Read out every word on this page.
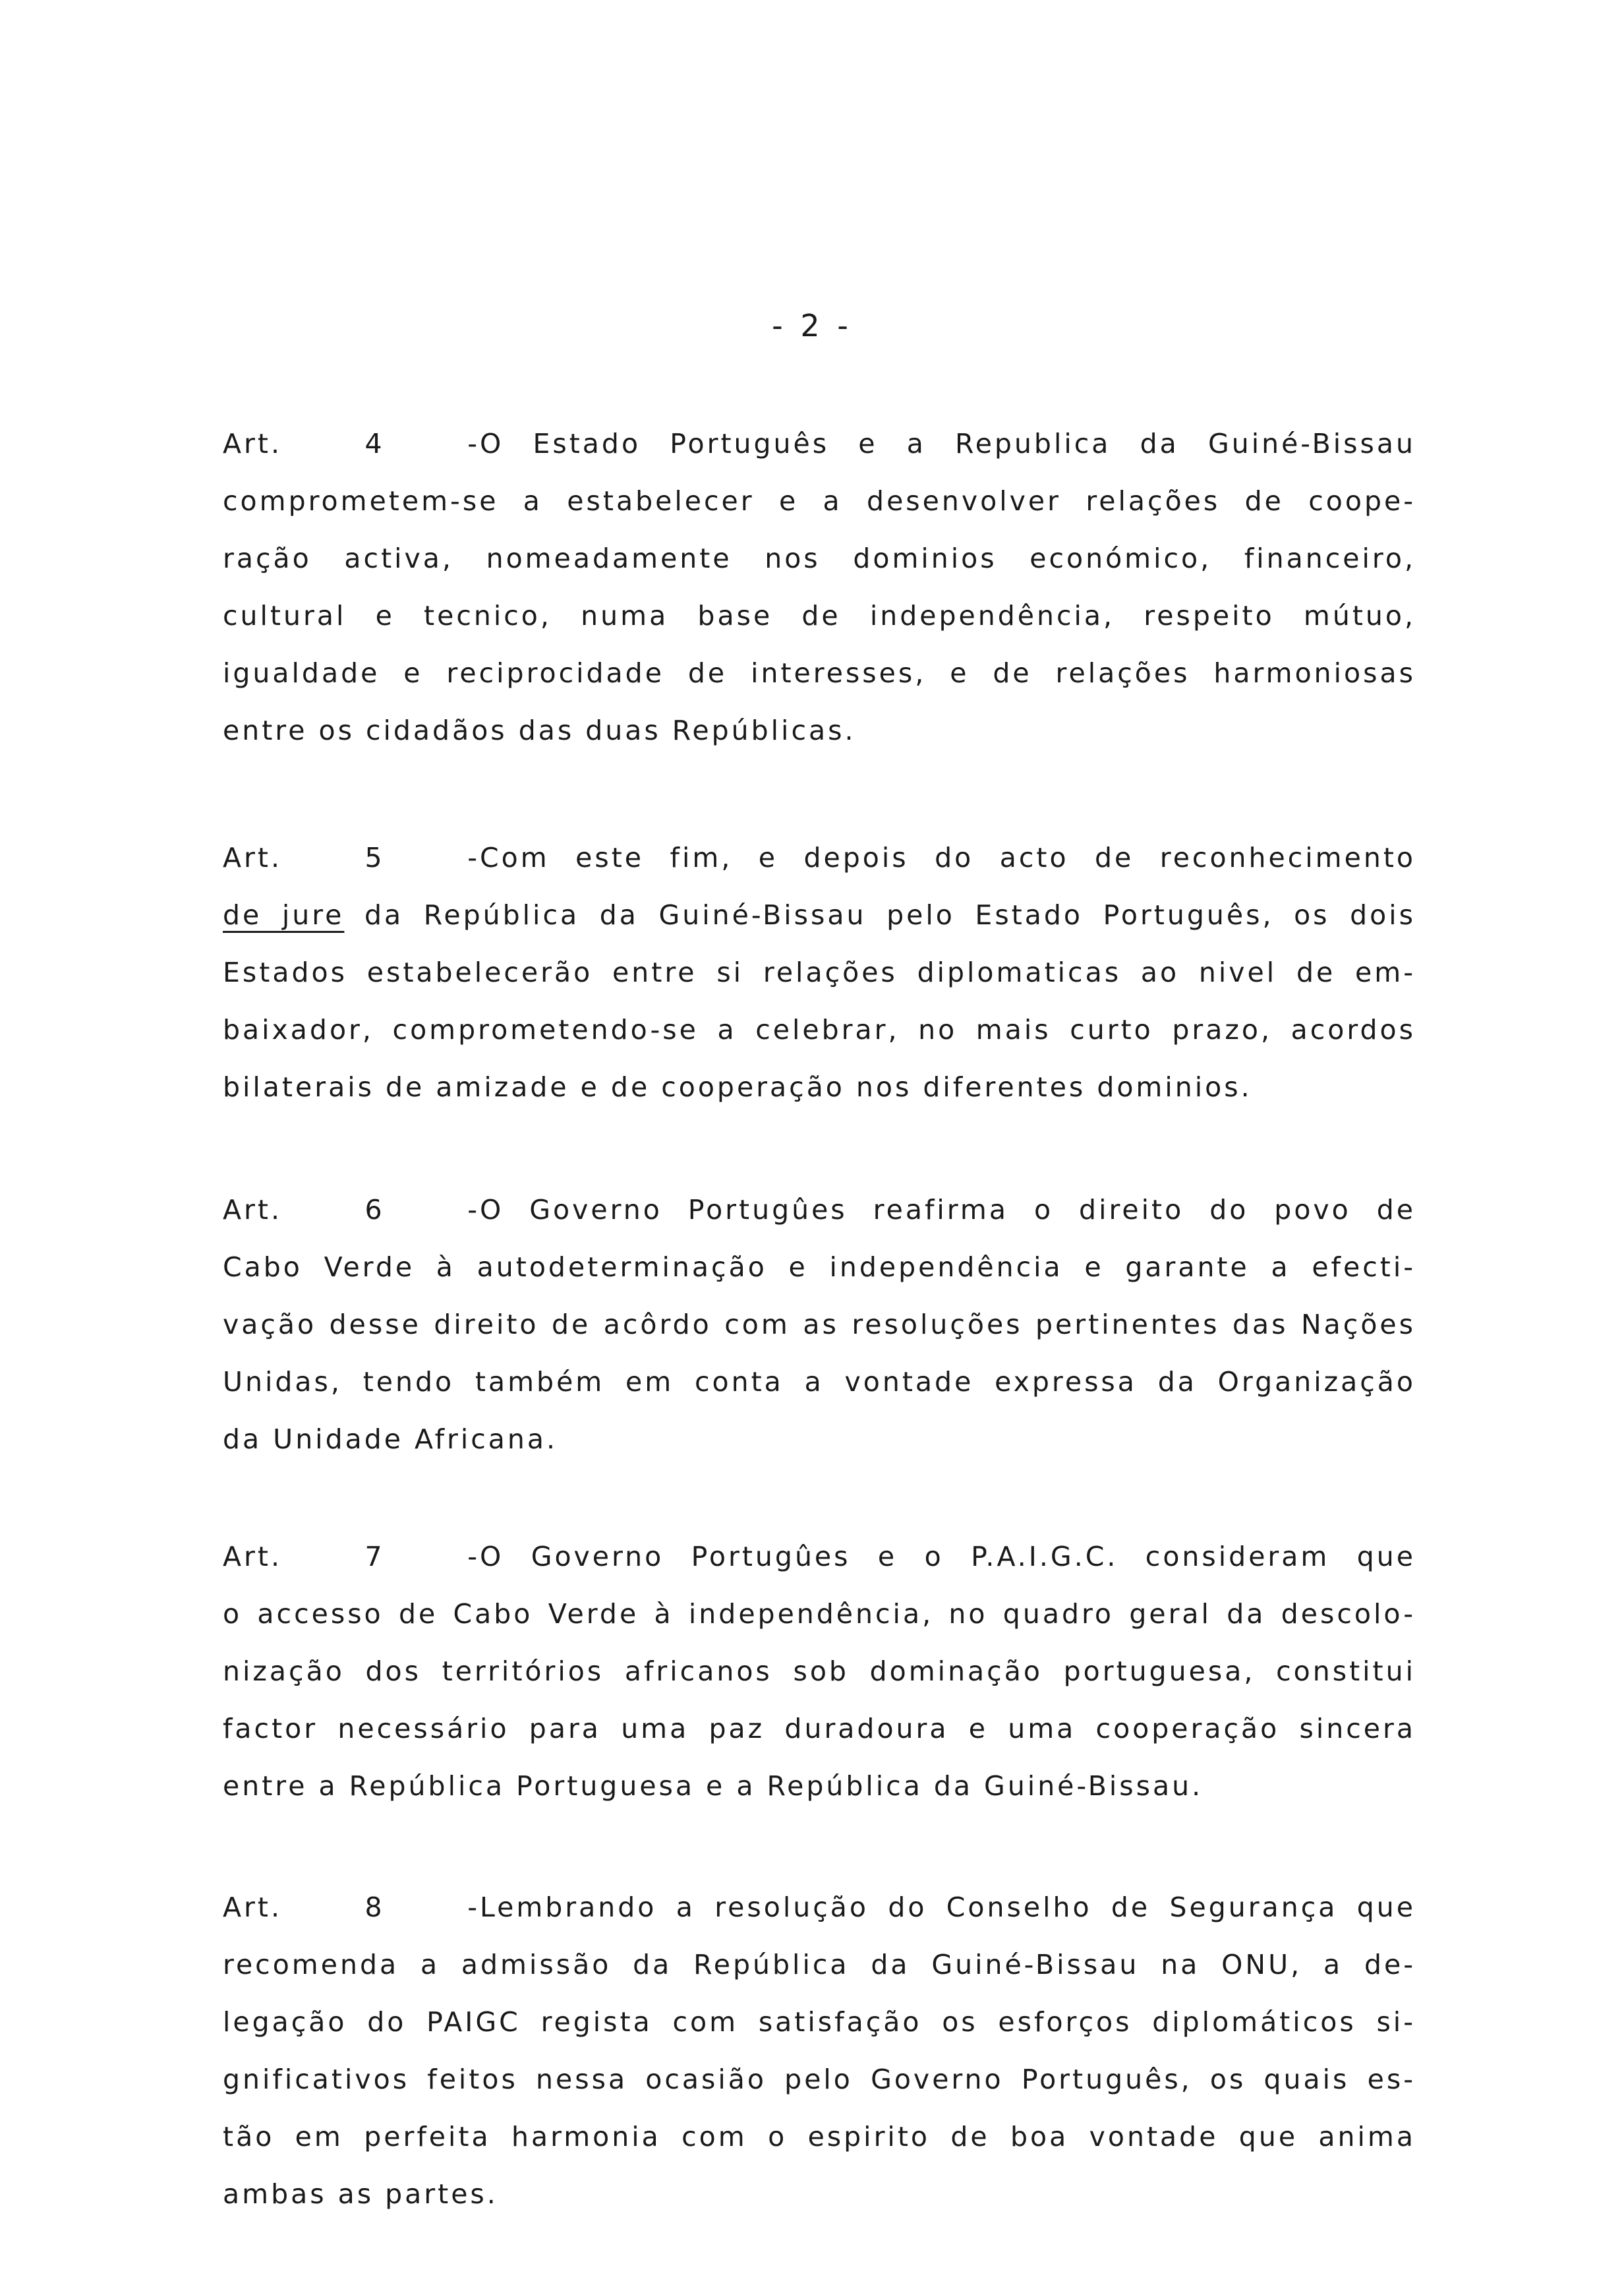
- 2 -
Art. 4 -O Estado Português e a Republica da Guiné-Bissau
comprometem-se a estabelecer e a desenvolver relações de coope-
ração activa, nomeadamente nos dominios económico, financeiro,
cultural e tecnico, numa base de independência, respeito mútuo,
igualdade e reciprocidade de interesses, e de relações harmoniosas
entre os cidadãos das duas Repúblicas.
Art. 5 -Com este fim, e depois do acto de reconhecimento
de jure da República da Guiné-Bissau pelo Estado Português, os dois
Estados estabelecerão entre si relações diplomaticas ao nivel de em-
baixador, comprometendo-se a celebrar, no mais curto prazo, acordos
bilaterais de amizade e de cooperação nos diferentes dominios.
Art. 6 -O Governo Portugûes reafirma o direito do povo de
Cabo Verde à autodeterminação e independência e garante a efecti-
vação desse direito de acôrdo com as resoluções pertinentes das Nações
Unidas, tendo também em conta a vontade expressa da Organização
da Unidade Africana.
Art. 7 -O Governo Portugûes e o P.A.I.G.C. consideram que
o accesso de Cabo Verde à independência, no quadro geral da descolo-
nização dos territórios africanos sob dominação portuguesa, constitui
factor necessário para uma paz duradoura e uma cooperação sincera
entre a República Portuguesa e a República da Guiné-Bissau.
Art. 8 -Lembrando a resolução do Conselho de Segurança que
recomenda a admissão da República da Guiné-Bissau na ONU, a de-
legação do PAIGC regista com satisfação os esforços diplomáticos si-
gnificativos feitos nessa ocasião pelo Governo Português, os quais es-
tão em perfeita harmonia com o espirito de boa vontade que anima
ambas as partes.
